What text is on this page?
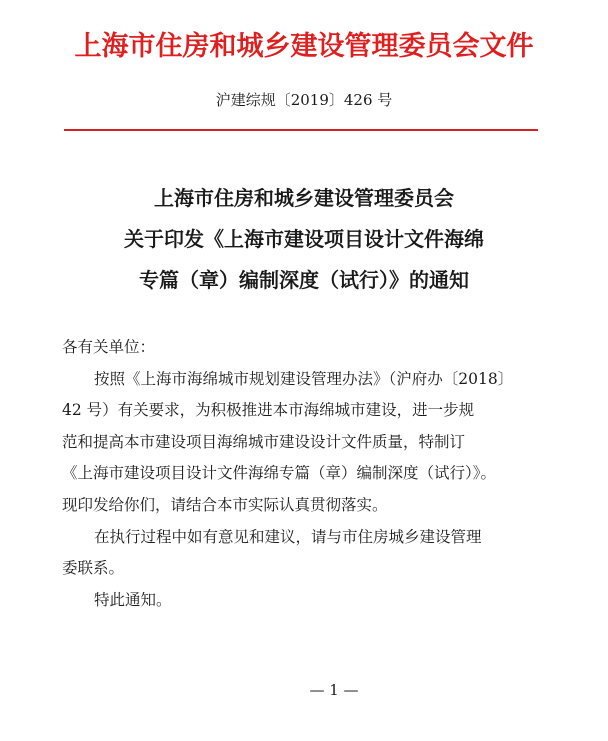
上海市住房和城乡建设管理委员会文件
沪建综规〔2019〕426 号
上海市住房和城乡建设管理委员会
关于印发《上海市建设项目设计文件海绵
专篇（章）编制深度（试行）》的通知
各有关单位：
按照《上海市海绵城市规划建设管理办法》（沪府办〔2018〕
42 号）有关要求，为积极推进本市海绵城市建设，进一步规
范和提高本市建设项目海绵城市建设设计文件质量，特制订
《上海市建设项目设计文件海绵专篇（章）编制深度（试行）》。
现印发给你们，请结合本市实际认真贯彻落实。
在执行过程中如有意见和建议，请与市住房城乡建设管理
委联系。
特此通知。
— 1 —
